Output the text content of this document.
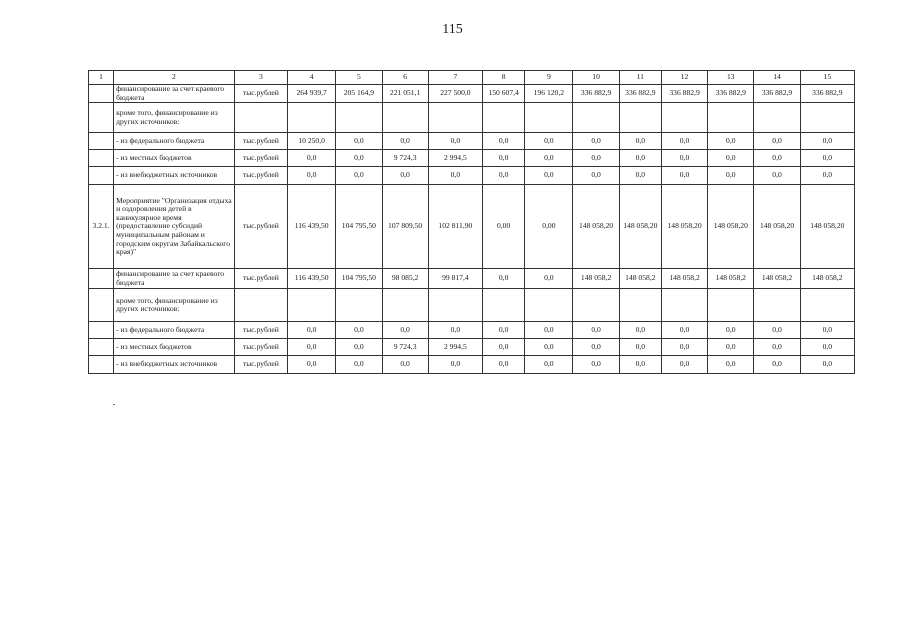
115
1	2	3	4	5	6	7	8	9	10	11	12	13	14	15
	финансирование за счет краевого бюджета	тыс.рублей	264 939,7	205 164,9	221 051,1	227 500,0	150 607,4	196 120,2	336 882,9	336 882,9	336 882,9	336 882,9	336 882,9	336 882,9
	кроме того, финансирование из других источников:													
	- из федерального бюджета	тыс.рублей	10 250,0	0,0	0,0	0,0	0,0	0,0	0,0	0,0	0,0	0,0	0,0	0,0
	- из местных бюджетов	тыс.рублей	0,0	0,0	9 724,3	2 994,5	0,0	0,0	0,0	0,0	0,0	0,0	0,0	0,0
	- из внебюджетных источников	тыс.рублей	0,0	0,0	0,0	0,0	0,0	0,0	0,0	0,0	0,0	0,0	0,0	0,0
3.2.1.	Мероприятие "Организация отдыха и оздоровления детей в каникулярное время (предоставление субсидий муниципальным районам и городским округам Забайкальского края)"	тыс.рублей	116 439,50	104 795,50	107 809,50	102 811,90	0,00	0,00	148 058,20	148 058,20	148 058,20	148 058,20	148 058,20	148 058,20
	финансирование за счет краевого бюджета	тыс.рублей	116 439,50	104 795,50	98 085,2	99 817,4	0,0	0,0	148 058,2	148 058,2	148 058,2	148 058,2	148 058,2	148 058,2
	кроме того, финансирование из других источников:													
	- из федерального бюджета	тыс.рублей	0,0	0,0	0,0	0,0	0,0	0,0	0,0	0,0	0,0	0,0	0,0	0,0
	- из местных бюджетов	тыс.рублей	0,0	0,0	9 724,3	2 994,5	0,0	0,0	0,0	0,0	0,0	0,0	0,0	0,0
	- из внебюджетных источников	тыс.рублей	0,0	0,0	0,0	0,0	0,0	0,0	0,0	0,0	0,0	0,0	0,0	0,0
